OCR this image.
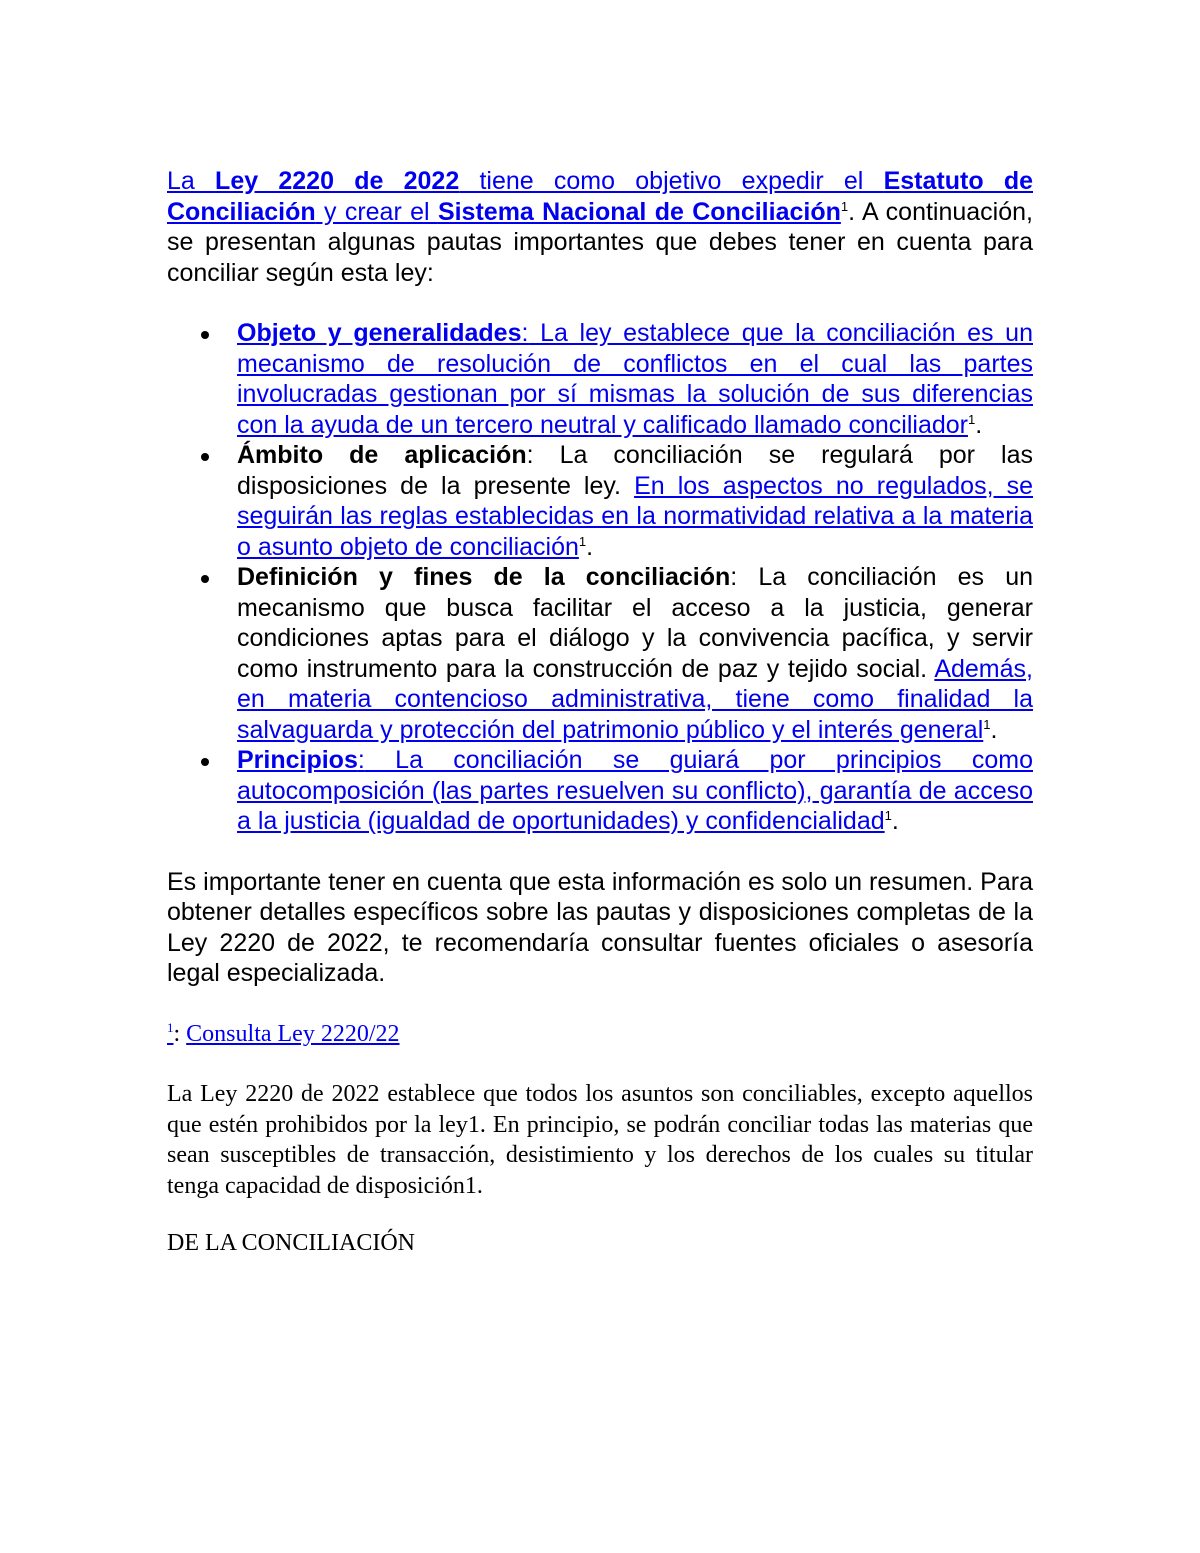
La Ley 2220 de 2022 tiene como objetivo expedir el Estatuto de Conciliación y crear el Sistema Nacional de Conciliación$^1$. A continuación, se presentan algunas pautas importantes que debes tener en cuenta para conciliar según esta ley:

Objeto y generalidades: La ley establece que la conciliación es un mecanismo de resolución de conflictos en el cual las partes involucradas gestionan por sí mismas la solución de sus diferencias con la ayuda de un tercero neutral y calificado llamado conciliador$^1$.
Ámbito de aplicación: La conciliación se regulará por las disposiciones de la presente ley. En los aspectos no regulados, se seguirán las reglas establecidas en la normatividad relativa a la materia o asunto objeto de conciliación$^1$.
Definición y fines de la conciliación: La conciliación es un mecanismo que busca facilitar el acceso a la justicia, generar condiciones aptas para el diálogo y la convivencia pacífica, y servir como instrumento para la construcción de paz y tejido social. Además, en materia contencioso administrativa, tiene como finalidad la salvaguarda y protección del patrimonio público y el interés general$^1$.
Principios: La conciliación se guiará por principios como autocomposición (las partes resuelven su conflicto), garantía de acceso a la justicia (igualdad de oportunidades) y confidencialidad$^1$.

Es importante tener en cuenta que esta información es solo un resumen. Para obtener detalles específicos sobre las pautas y disposiciones completas de la Ley 2220 de 2022, te recomendaría consultar fuentes oficiales o asesoría legal especializada.

$^1$: Consulta Ley 2220/22

La Ley 2220 de 2022 establece que todos los asuntos son conciliables, excepto aquellos que estén prohibidos por la ley1. En principio, se podrán conciliar todas las materias que sean susceptibles de transacción, desistimiento y los derechos de los cuales su titular tenga capacidad de disposición1.

DE LA CONCILIACIÓN
